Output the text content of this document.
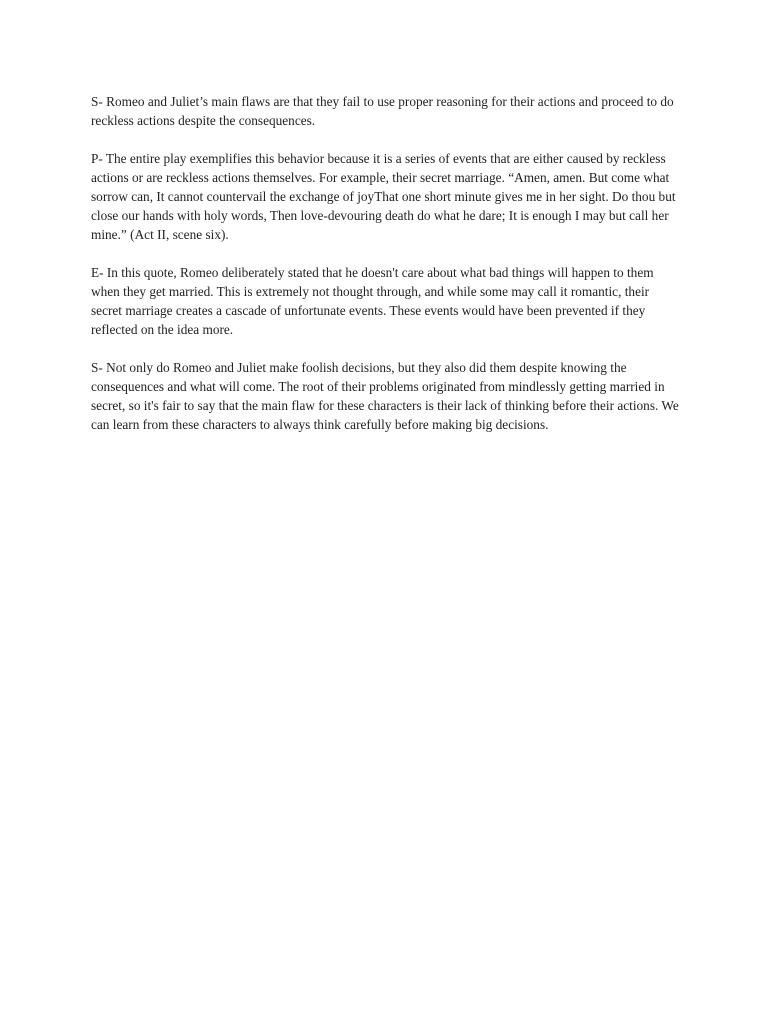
S- Romeo and Juliet’s main flaws are that they fail to use proper reasoning for their actions and proceed to do reckless actions despite the consequences.

P- The entire play exemplifies this behavior because it is a series of events that are either caused by reckless actions or are reckless actions themselves. For example, their secret marriage. “Amen, amen. But come what sorrow can, It cannot countervail the exchange of joyThat one short minute gives me in her sight. Do thou but close our hands with holy words, Then love-devouring death do what he dare; It is enough I may but call her mine.” (Act II, scene six).

E- In this quote, Romeo deliberately stated that he doesn't care about what bad things will happen to them when they get married. This is extremely not thought through, and while some may call it romantic, their secret marriage creates a cascade of unfortunate events. These events would have been prevented if they reflected on the idea more.

S- Not only do Romeo and Juliet make foolish decisions, but they also did them despite knowing the consequences and what will come. The root of their problems originated from mindlessly getting married in secret, so it's fair to say that the main flaw for these characters is their lack of thinking before their actions. We can learn from these characters to always think carefully before making big decisions.
